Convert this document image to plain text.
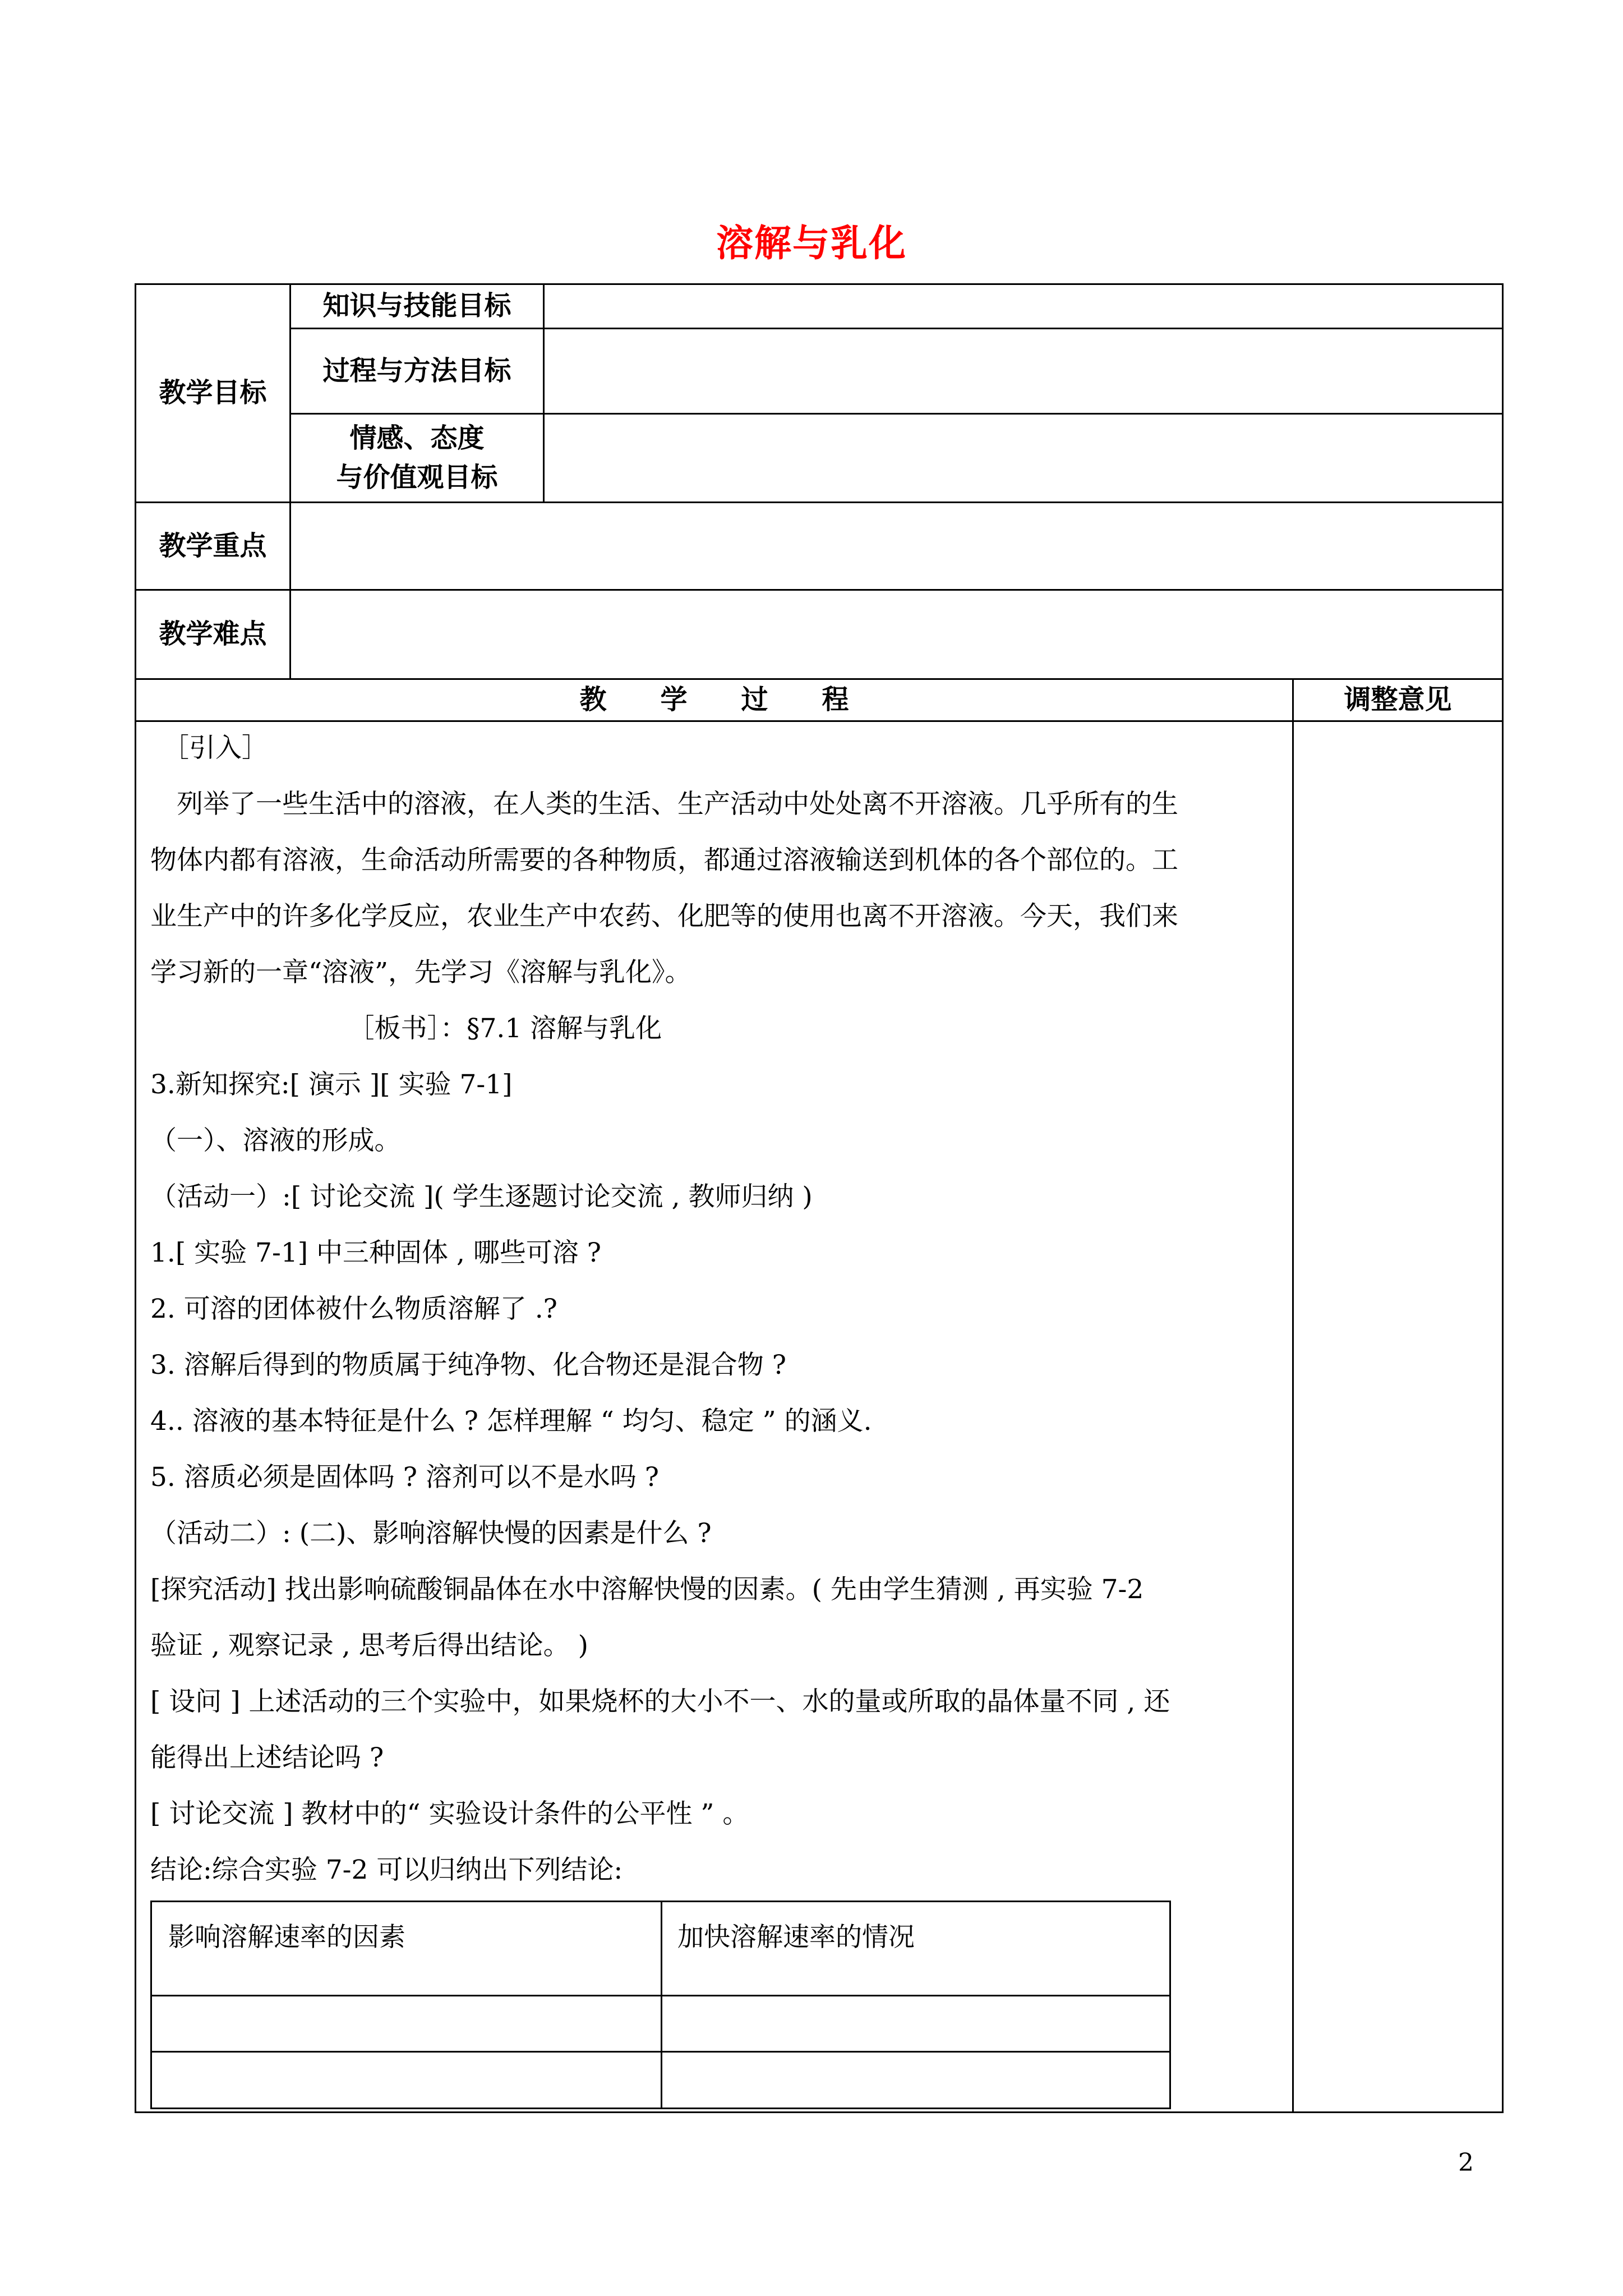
溶解与乳化
教学目标
知识与技能目标
过程与方法目标
情感、态度
与价值观目标
教学重点
教学难点
教　　学　　过　　程	调整意见
［引入］
　列举了一些生活中的溶液，在人类的生活、生产活动中处处离不开溶液。几乎所有的生
物体内都有溶液，生命活动所需要的各种物质，都通过溶液输送到机体的各个部位的。工
业生产中的许多化学反应，农业生产中农药、化肥等的使用也离不开溶液。今天，我们来
学习新的一章“溶液”，先学习《溶解与乳化》。
　　　　　　　　［板书］：§7.1 溶解与乳化
3.新知探究:[ 演示 ][ 实验 7-1]
（一）、溶液的形成。
（活动一）:[ 讨论交流 ]( 学生逐题讨论交流 , 教师归纳 )
1.[ 实验 7-1] 中三种固体 , 哪些可溶 ?
2. 可溶的团体被什么物质溶解了 .?
3. 溶解后得到的物质属于纯净物、化合物还是混合物 ?
4.. 溶液的基本特征是什么 ? 怎样理解 “ 均匀、稳定 ” 的涵义.
5. 溶质必须是固体吗 ? 溶剂可以不是水吗 ?
（活动二）: (二)、影响溶解快慢的因素是什么 ?
[探究活动] 找出影响硫酸铜晶体在水中溶解快慢的因素。( 先由学生猜测 , 再实验 7-2
验证 , 观察记录 , 思考后得出结论。 )
[ 设问 ] 上述活动的三个实验中，如果烧杯的大小不一、水的量或所取的晶体量不同 , 还
能得出上述结论吗 ?
[ 讨论交流 ] 教材中的“ 实验设计条件的公平性 ” 。
结论:综合实验 7-2 可以归纳出下列结论:
影响溶解速率的因素	加快溶解速率的情况
2
